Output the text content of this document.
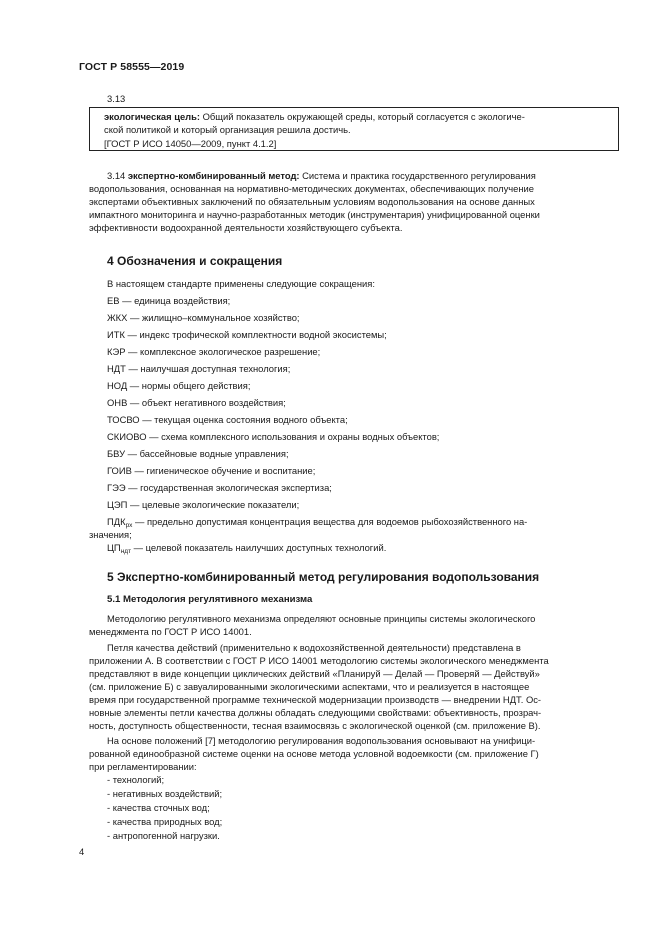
ГОСТ Р 58555—2019
3.13
экологическая цель: Общий показатель окружающей среды, который согласуется с экологиче-
ской политикой и который организация решила достичь.
[ГОСТ Р ИСО 14050—2009, пункт 4.1.2]
3.14 экспертно-комбинированный метод: Система и практика государственного регулирования
водопользования, основанная на нормативно-методических документах, обеспечивающих получение
экспертами объективных заключений по обязательным условиям водопользования на основе данных
импактного мониторинга и научно-разработанных методик (инструментария) унифицированной оценки
эффективности водоохранной деятельности хозяйствующего субъекта.
4 Обозначения и сокращения
В настоящем стандарте применены следующие сокращения:
ЕВ — единица воздействия;
ЖКХ — жилищно–коммунальное хозяйство;
ИТК — индекс трофической комплектности водной экосистемы;
КЭР — комплексное экологическое разрешение;
НДТ — наилучшая доступная технология;
НОД — нормы общего действия;
ОНВ — объект негативного воздействия;
ТОСВО — текущая оценка состояния водного объекта;
СКИОВО — схема комплексного использования и охраны водных объектов;
БВУ — бассейновые водные управления;
ГОИВ — гигиеническое обучение и воспитание;
ГЭЭ — государственная экологическая экспертиза;
ЦЭП — целевые экологические показатели;
$ПДК_{рх}$ — предельно допустимая концентрация вещества для водоемов рыбохозяйственного на-
значения;
$ЦП_{ндт}$ — целевой показатель наилучших доступных технологий.
5 Экспертно-комбинированный метод регулирования водопользования
5.1 Методология регулятивного механизма
Методологию регулятивного механизма определяют основные принципы системы экологического
менеджмента по ГОСТ Р ИСО 14001.
Петля качества действий (применительно к водохозяйственной деятельности) представлена в
приложении А. В соответствии с ГОСТ Р ИСО 14001 методологию системы экологического менеджмента
представляют в виде концепции циклических действий «Планируй — Делай — Проверяй — Действуй»
(см. приложение Б) с завуалированными экологическими аспектами, что и реализуется в настоящее
время при государственной программе технической модернизации производств — внедрении НДТ. Ос-
новные элементы петли качества должны обладать следующими свойствами: объективность, прозрач-
ность, доступность общественности, тесная взаимосвязь с экологической оценкой (см. приложение В).
На основе положений [7] методологию регулирования водопользования основывают на унифици-
рованной единообразной системе оценки на основе метода условной водоемкости (см. приложение Г)
при регламентировании:
- технологий;
- негативных воздействий;
- качества сточных вод;
- качества природных вод;
- антропогенной нагрузки.
4
